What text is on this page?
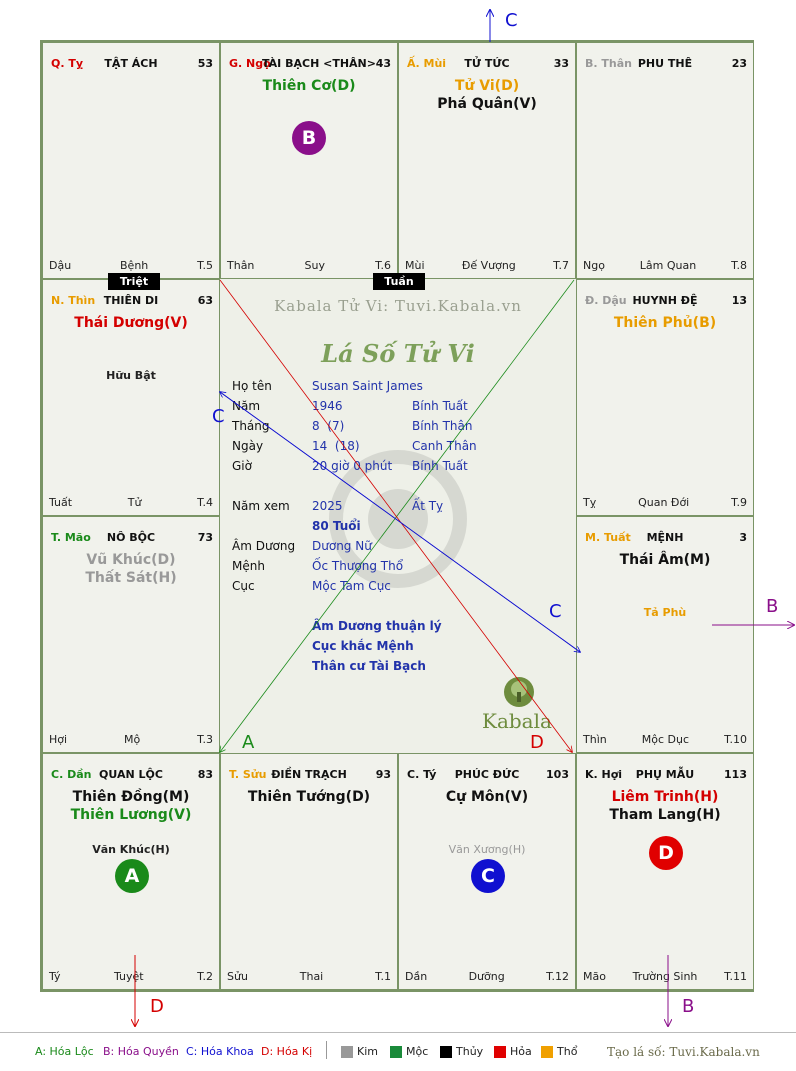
Q. Tỵ	TẬT ÁCH	53
Dậu	Bệnh	T.5
G. Ngọ
TÀI BẠCH <THÂN> 43
Thiên Cơ(D)
B
Thân	Suy	T.6
Ấ. Mùi	TỬ TỨC	33
Tử Vi(D)
Phá Quân(V)
Mùi	Đế Vượng	T.7
B. Thân PHU THÊ	23
Ngọ	Lâm Quan	T.8
N. Thìn THIÊN DI	63
Thái Dương(V)
Hữu Bật
Tuất	Tử	T.4
Đ. Dậu HUYNH ĐỆ	13
Thiên Phủ(B)
Tỵ	Quan Đới	T.9
T. Mão	NÔ BỘC	73
Vũ Khúc(D)
Thất Sát(H)
Hợi	Mộ	T.3
M. Tuất	MỆNH	3
Thái Âm(M)
Tả Phù
Thìn	Mộc Dục	T.10
C. Dần QUAN LỘC	83
Thiên Đồng(M)
Thiên Lương(V)
Văn Khúc(H)
A
Tý	Tuyệt	T.2
T. Sửu ĐIỀN TRẠCH	93
Thiên Tướng(D)
Sửu	Thai	T.1
C. Tý	PHÚC ĐỨC	103
Cự Môn(V)
Văn Xương(H)
C
Dần	Dưỡng	T.12
K. Hợi	PHỤ MẪU	113
Liêm Trinh(H)
Tham Lang(H)
D
Mão Trường Sinh T.11
Kabala Tử Vi: Tuvi.Kabala.vn
Lá Số Tử Vi
Họ tên	Susan Saint James
Năm	1946	Bính Tuất
Tháng	8  (7)	Bính Thân
Ngày	14  (18)	Canh Thân
Giờ	20 giờ 0 phút Bính Tuất
Năm xem 2025	Ất Tỵ
80 Tuổi
Âm Dương Dương Nữ
Mệnh	Ốc Thượng Thổ
Cục	Mộc Tam Cục
Âm Dương thuận lý
Cục khắc Mệnh
Thân cư Tài Bạch
Kabala
Triệt	Tuần
C
C
C
A	D
B
D	B
A: Hóa Lộc B: Hóa Quyền C: Hóa Khoa D: Hóa Kị	Kim	Mộc	Thủy	Hỏa	Thổ Tạo lá số: Tuvi.Kabala.vn
